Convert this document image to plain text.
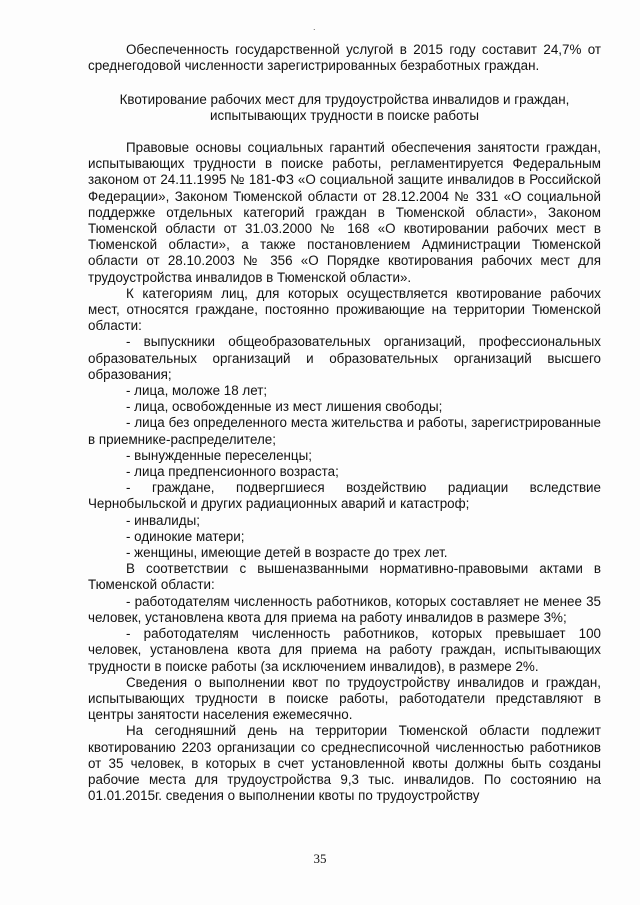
.

Обеспеченность государственной услугой в 2015 году составит 24,7% от среднегодовой численности зарегистрированных безработных граждан.

Квотирование рабочих мест для трудоустройства инвалидов и граждан,
испытывающих трудности в поиске работы

Правовые основы социальных гарантий обеспечения занятости граждан, испытывающих трудности в поиске работы, регламентируется Федеральным законом от 24.11.1995 № 181-ФЗ «О социальной защите инвалидов в Российской Федерации», Законом Тюменской области от 28.12.2004 № 331 «О социальной поддержке отдельных категорий граждан в Тюменской области», Законом Тюменской области от 31.03.2000 № 168 «О квотировании рабочих мест в Тюменской области», а также постановлением Администрации Тюменской области от 28.10.2003 № 356 «О Порядке квотирования рабочих мест для трудоустройства инвалидов в Тюменской области».

К категориям лиц, для которых осуществляется квотирование рабочих мест, относятся граждане, постоянно проживающие на территории Тюменской области:

- выпускники общеобразовательных организаций, профессиональных образовательных организаций и образовательных организаций высшего образования;

- лица, моложе 18 лет;

- лица, освобожденные из мест лишения свободы;

- лица без определенного места жительства и работы, зарегистрированные в приемнике-распределителе;

- вынужденные переселенцы;

- лица предпенсионного возраста;

- граждане, подвергшиеся воздействию радиации вследствие Чернобыльской и других радиационных аварий и катастроф;

- инвалиды;

- одинокие матери;

- женщины, имеющие детей в возрасте до трех лет.

В соответствии с вышеназванными нормативно-правовыми актами в Тюменской области:

- работодателям численность работников, которых составляет не менее 35 человек, установлена квота для приема на работу инвалидов в размере 3%;

- работодателям численность работников, которых превышает 100 человек, установлена квота для приема на работу граждан, испытывающих трудности в поиске работы (за исключением инвалидов), в размере 2%.

Сведения о выполнении квот по трудоустройству инвалидов и граждан, испытывающих трудности в поиске работы, работодатели представляют в центры занятости населения ежемесячно.

На сегодняшний день на территории Тюменской области подлежит квотированию 2203 организации со среднесписочной численностью работников от 35 человек, в которых в счет установленной квоты должны быть созданы рабочие места для трудоустройства 9,3 тыс. инвалидов. По состоянию на 01.01.2015г. сведения о выполнении квоты по трудоустройству

35
